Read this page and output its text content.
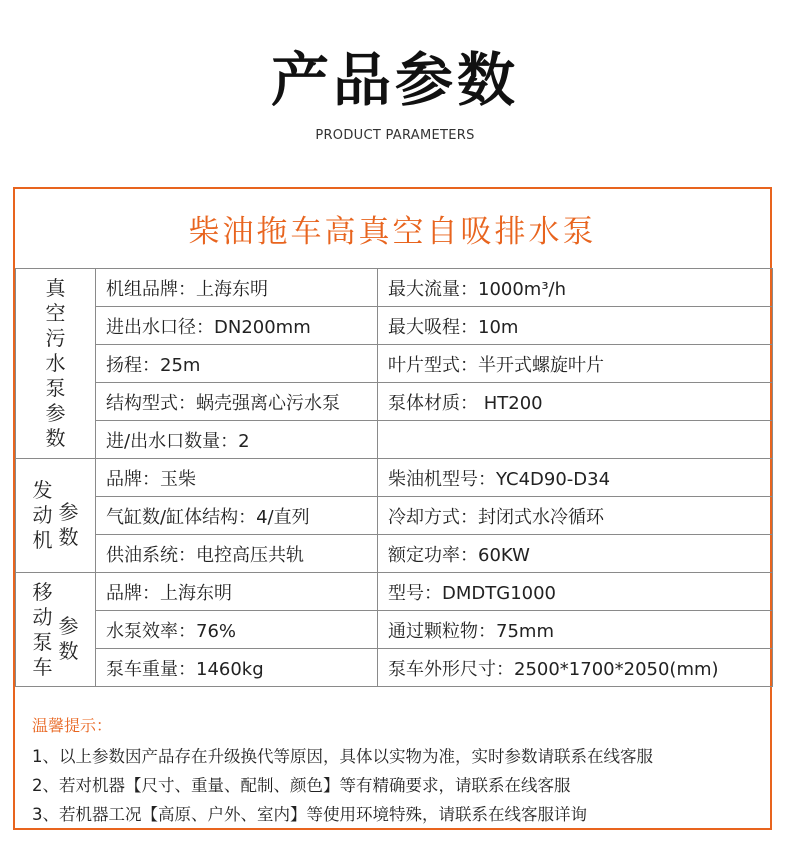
产品参数
PRODUCT PARAMETERS
柴油拖车高真空自吸排水泵
真空污水泵参数	机组品牌：上海东明	最大流量：1000m³/h
	进出水口径：DN200mm	最大吸程：10m
	扬程：25m	叶片型式：半开式螺旋叶片
	结构型式：蜗壳强离心污水泵	泵体材质： HT200
	进/出水口数量：2	

发动机
参数	品牌：玉柴	柴油机型号：YC4D90-D34
	气缸数/缸体结构：4/直列	冷却方式：封闭式水冷循环
	供油系统：电控高压共轨	额定功率：60KW

移动泵车
参数	品牌：上海东明	型号：DMDTG1000
	水泵效率：76%	通过颗粒物：75mm
	泵车重量：1460kg	泵车外形尺寸：2500*1700*2050(mm)
温馨提示：
1、以上参数因产品存在升级换代等原因，具体以实物为准，实时参数请联系在线客服
2、若对机器【尺寸、重量、配制、颜色】等有精确要求，请联系在线客服
3、若机器工况【高原、户外、室内】等使用环境特殊，请联系在线客服详询
